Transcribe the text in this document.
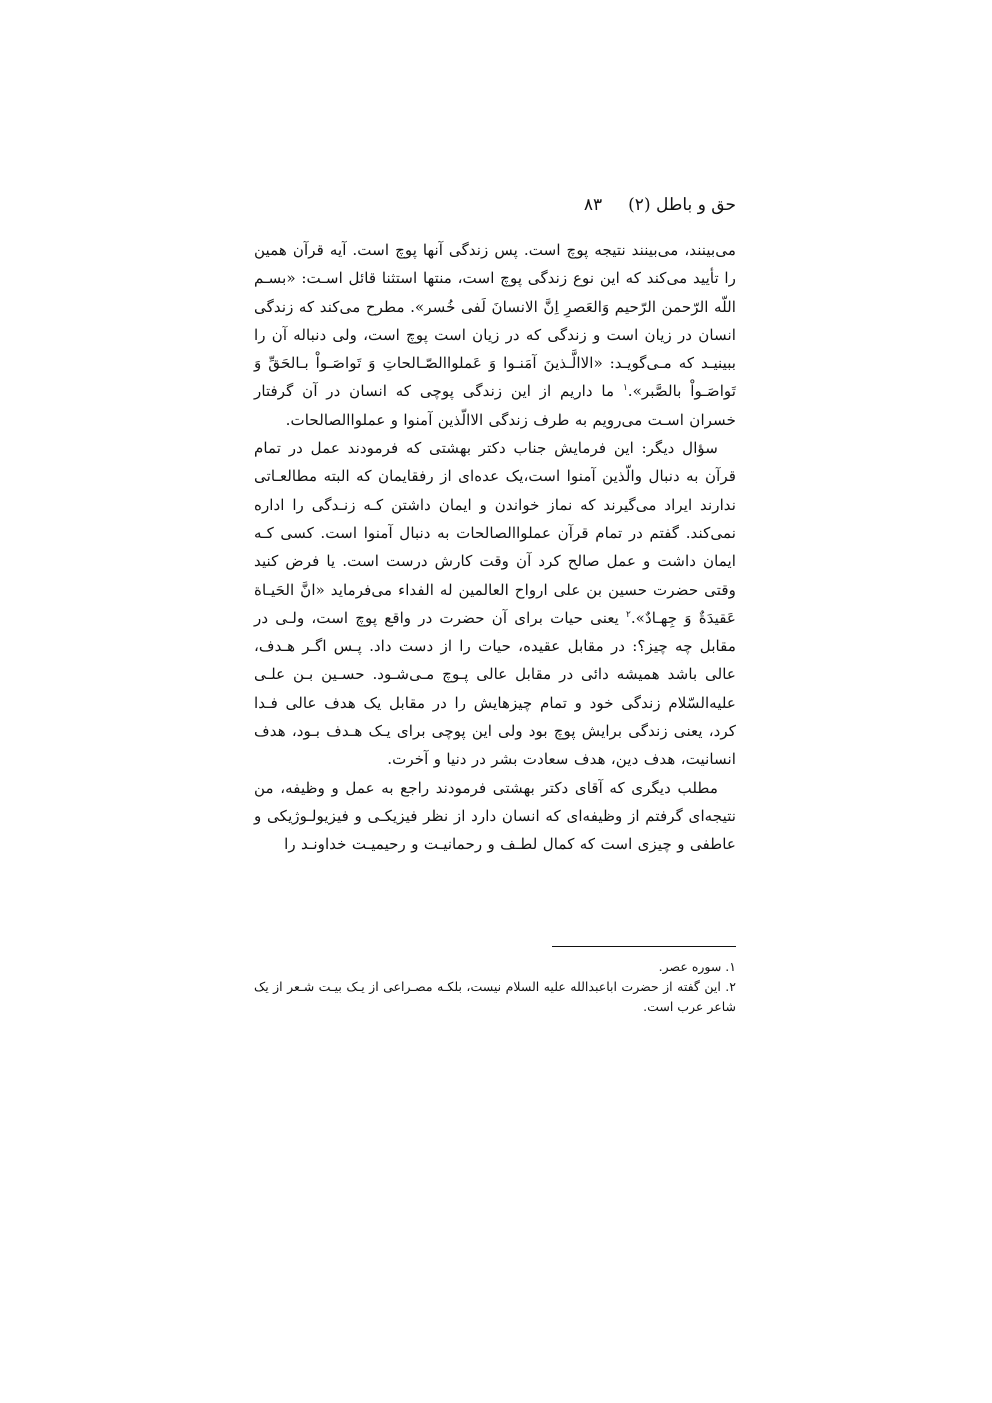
حق و باطل (۲)۸۳

می‌بینند، می‌بینند نتیجه پوچ است. پس زندگی آنها پوچ است. آیه قرآن همین را تأیید می‌کند که این نوع زندگی پوچ است، منتها استثنا قائل اسـت: «بسـم اللّه الرّحمن الرّحیم وَالعَصرِ اِنَّ الانسانَ لَفی خُسر». مطرح می‌کند که زندگی انسان در زیان است و زندگی که در زیان است پوچ است، ولی دنباله آن را ببینیـد که مـی‌گویـد: «الاالَّـذینَ آمَنـوا وَ عَملواالصّـالحاتِ وَ تَواصَـواْ بـالحَقِّ وَ تَواصَـواْ بالصَّبر».$^۱$ ما داریم از این زندگی پوچی که انسان در آن گرفتار خسران اسـت می‌رویم به طرف زندگی الاالّذین آمنوا و عملواالصالحات.

سؤال دیگر: این فرمایش جناب دکتر بهشتی که فرمودند عمل در تمام قرآن به دنبال والّذین آمنوا است،یک عده‌ای از رفقایمان که البته مطالعـاتی ندارند ایراد می‌گیرند که نماز خواندن و ایمان داشتن کـه زنـدگی را اداره نمی‌کند. گفتم در تمام قرآن عملواالصالحات به دنبال آمنوا است. کسی کـه ایمان داشت و عمل صالح کرد آن وقت کارش درست است. یا فرض کنید وقتی حضرت حسین بن علی ارواح العالمین له الفداء می‌فرماید «انَّ الحَیـاة عَقیدَةٌ وَ جِهـادٌ».$^۲$ یعنی حیات برای آن حضرت در واقع پوچ است، ولـی در مقابل چه چیز؟: در مقابل عقیده، حیات را از دست داد. پـس اگـر هـدف، عالی باشد همیشه دائی در مقابل عالی پـوچ مـی‌شـود. حسـین بـن علـی علیه‌السّلام زندگی خود و تمام چیزهایش را در مقابل یک هدف عالی فـدا کرد، یعنی زندگی برایش پوچ بود ولی این پوچی برای یـک هـدف بـود، هدف انسانیت، هدف دین، هدف سعادت بشر در دنیا و آخرت.

مطلب دیگری که آقای دکتر بهشتی فرمودند راجع به عمل و وظیفه، من نتیجه‌ای گرفتم از وظیفه‌ای که انسان دارد از نظر فیزیکـی و فیزیولـوژیکی و عاطفی و چیزی است که کمال لطـف و رحمانیـت و رحیمیـت خداونـد را

۱. سوره عصر.

۲. این گفته از حضرت اباعبدالله علیه السلام نیست، بلکـه مصـراعی از یـک بیـت شـعر از یک شاعر عرب است.
